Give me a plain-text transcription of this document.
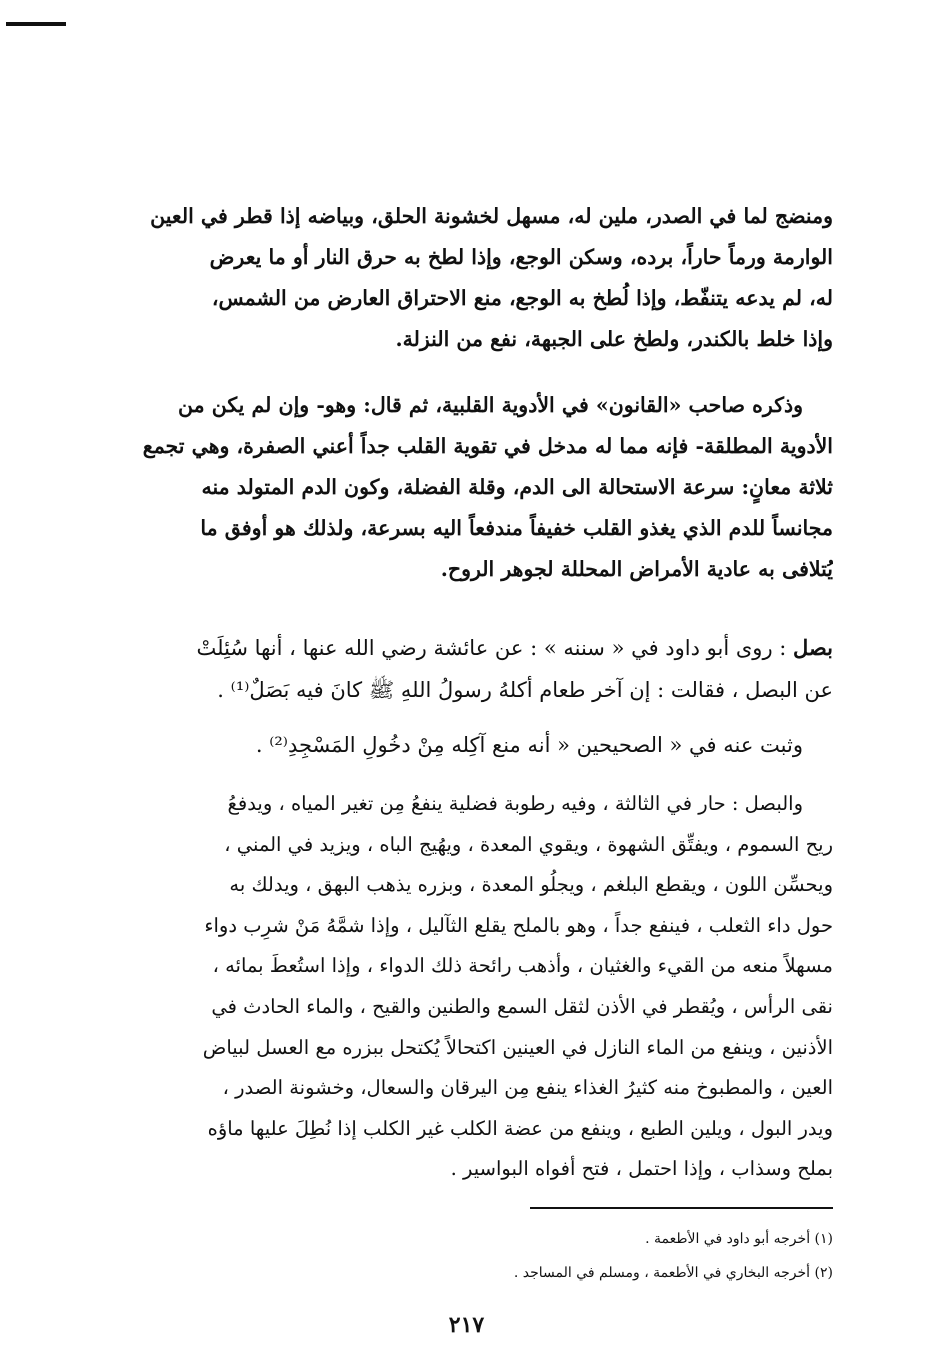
ومنضج لما في الصدر، ملين له، مسهل لخشونة الحلق، وبياضه إذا قطر في العين
الوارمة ورماً حاراً، برده، وسكن الوجع، وإذا لطخ به حرق النار أو ما يعرض
له، لم يدعه يتنفّط، وإذا لُطخ به الوجع، منع الاحتراق العارض من الشمس،
وإذا خلط بالكندر، ولطخ على الجبهة، نفع من النزلة.
وذكره صاحب «القانون» في الأدوية القلبية، ثم قال: وهو- وإن لم يكن من
الأدوية المطلقة- فإنه مما له مدخل في تقوية القلب جداً أعني الصفرة، وهي تجمع
ثلاثة معانٍ: سرعة الاستحالة الى الدم، وقلة الفضلة، وكون الدم المتولد منه
مجانساً للدم الذي يغذو القلب خفيفاً مندفعاً اليه بسرعة، ولذلك هو أوفق ما
يُتلافى به عادية الأمراض المحللة لجوهر الروح.
بصل : روى أبو داود في « سننه » : عن عائشة رضي الله عنها ، أنها سُئِلَتْ
عن البصل ، فقالت : إن آخر طعام أكلهُ رسولُ اللهِ ﷺ كانَ فيه بَصَلٌ⁽¹⁾ .
وثبت عنه في « الصحيحين « أنه منع آكِله مِنْ دخُولِ المَسْجِدِ⁽²⁾ .
والبصل : حار في الثالثة ، وفيه رطوبة فضلية ينفعُ مِن تغير المياه ، ويدفعُ
ريح السموم ، ويفتِّق الشهوة ، ويقوي المعدة ، ويهُيج الباه ، ويزيد في المني ،
ويحسِّن اللون ، ويقطع البلغم ، ويجلُو المعدة ، وبزره يذهب البهق ، ويدلك به
حول داء الثعلب ، فينفع جداً ، وهو بالملح يقلع الثآليل ، وإذا شمَّهُ مَنْ شرِب دواء
مسهلاً منعه من القيء والغثيان ، وأذهب رائحة ذلك الدواء ، وإذا استُعطَ بمائه ،
نقى الرأس ، ويُقطر في الأذن لثقل السمع والطنين والقيح ، والماء الحادث في
الأذنين ، وينفع من الماء النازل في العينين اكتحالاً يُكتحل ببزره مع العسل لبياض
العين ، والمطبوخ منه كثيرُ الغذاء ينفع مِن اليرقان والسعال، وخشونة الصدر ،
ويدر البول ، ويلين الطبع ، وينفع من عضة الكلب غير الكلب إذا نُطِلَ عليها ماؤه
بملح وسذاب ، وإذا احتمل ، فتح أفواه البواسير .
(١) أخرجه أبو داود في الأطعمة .
(٢) أخرجه البخاري في الأطعمة ، ومسلم في المساجد .
٢١٧
